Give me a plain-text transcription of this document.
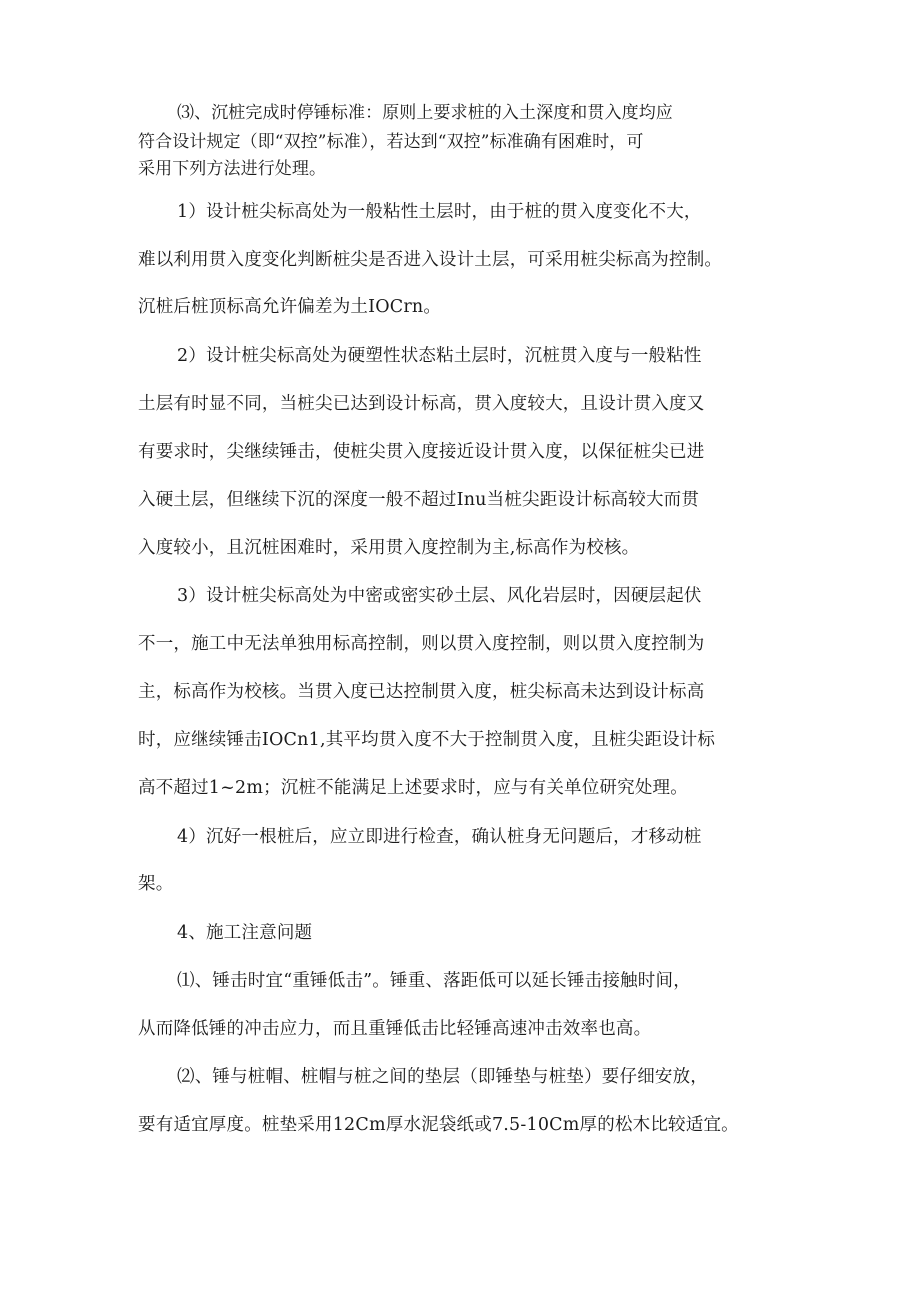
⑶、沉桩完成时停锤标准：原则上要求桩的入土深度和贯入度均应
符合设计规定（即“双控”标准），若达到“双控”标准确有困难时，可
采用下列方法进行处理。
1）设计桩尖标高处为一般粘性土层时，由于桩的贯入度变化不大，
难以利用贯入度变化判断桩尖是否进入设计土层，可采用桩尖标高为控制。
沉桩后桩顶标高允许偏差为土IOCrn。
2）设计桩尖标高处为硬塑性状态粘土层时，沉桩贯入度与一般粘性
土层有时显不同，当桩尖已达到设计标高，贯入度较大，且设计贯入度又
有要求时，尖继续锤击，使桩尖贯入度接近设计贯入度，以保征桩尖已进
入硬土层，但继续下沉的深度一般不超过Inu当桩尖距设计标高较大而贯
入度较小，且沉桩困难时，采用贯入度控制为主,标高作为校核。
3）设计桩尖标高处为中密或密实砂土层、风化岩层时，因硬层起伏
不一，施工中无法单独用标高控制，则以贯入度控制，则以贯入度控制为
主，标高作为校核。当贯入度已达控制贯入度，桩尖标高未达到设计标高
时，应继续锤击IOCn1,其平均贯入度不大于控制贯入度，且桩尖距设计标
高不超过1~2m；沉桩不能满足上述要求时，应与有关单位研究处理。
4）沉好一根桩后，应立即进行检查，确认桩身无问题后，才移动桩
架。
4、施工注意问题
⑴、锤击时宜“重锤低击”。锤重、落距低可以延长锤击接触时间，
从而降低锤的冲击应力，而且重锤低击比轻锤高速冲击效率也高。
⑵、锤与桩帽、桩帽与桩之间的垫层（即锤垫与桩垫）要仔细安放，
要有适宜厚度。桩垫采用12Cm厚水泥袋纸或7.5-10Cm厚的松木比较适宜。
